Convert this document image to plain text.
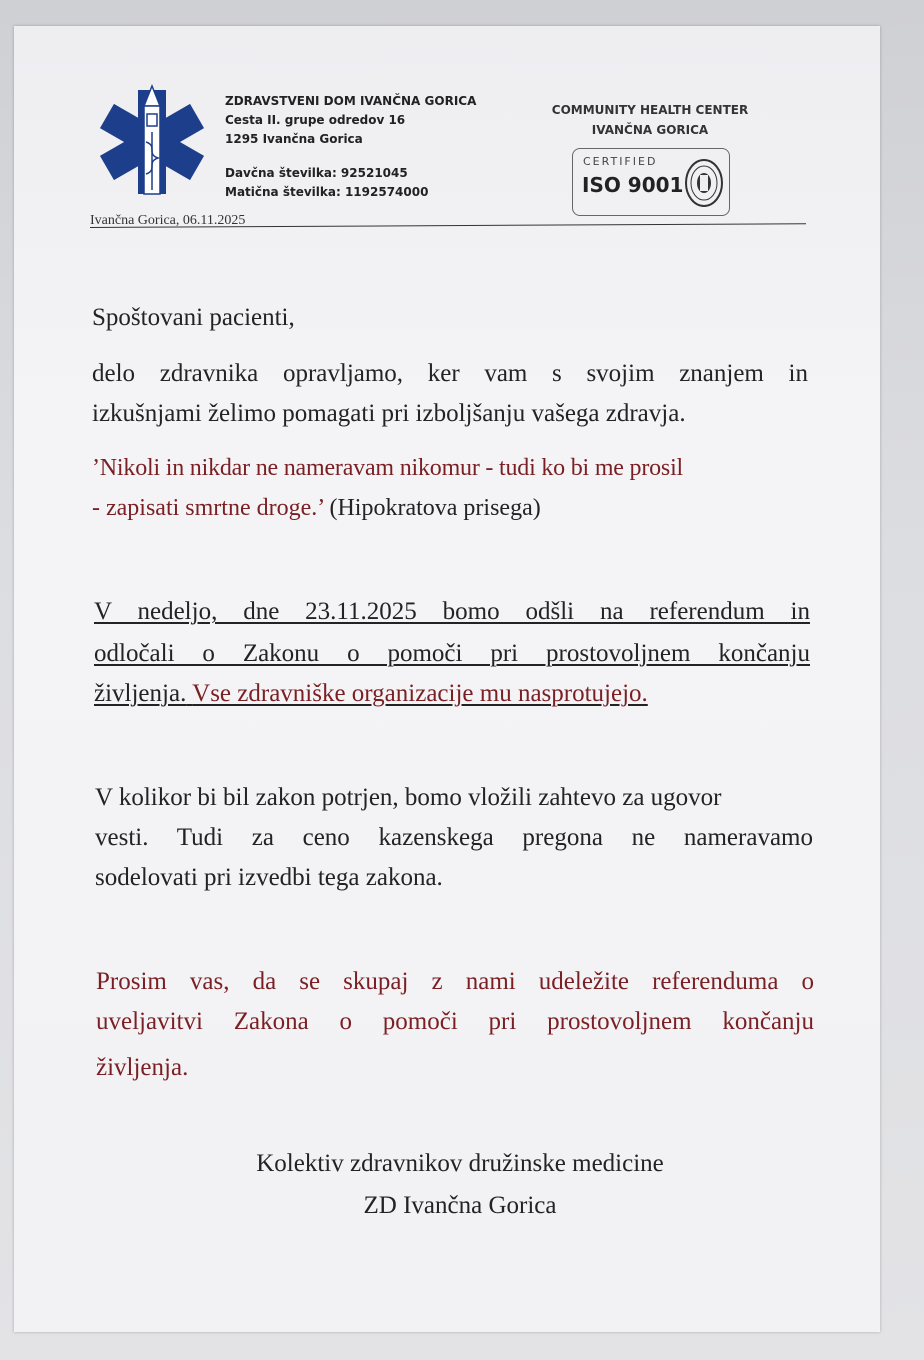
ZDRAVSTVENI DOM IVANČNA GORICA
Cesta II. grupe odredov 16
1295 Ivančna Gorica
Davčna številka: 92521045
Matična številka: 1192574000
COMMUNITY HEALTH CENTER
IVANČNA GORICA
CERTIFIED
ISO 9001
Ivančna Gorica, 06.11.2025
Spoštovani pacienti,
delo zdravnika opravljamo, ker vam s svojim znanjem in
izkušnjami želimo pomagati pri izboljšanju vašega zdravja.
’Nikoli in nikdar ne nameravam nikomur - tudi ko bi me prosil
- zapisati smrtne droge.’ (Hipokratova prisega)
V nedeljo, dne 23.11.2025 bomo odšli na referendum in
odločali o Zakonu o pomoči pri prostovoljnem končanju
življenja. Vse zdravniške organizacije mu nasprotujejo.
V kolikor bi bil zakon potrjen, bomo vložili zahtevo za ugovor
vesti. Tudi za ceno kazenskega pregona ne nameravamo
sodelovati pri izvedbi tega zakona.
Prosim vas, da se skupaj z nami udeležite referenduma o
uveljavitvi Zakona o pomoči pri prostovoljnem končanju
življenja.
Kolektiv zdravnikov družinske medicine
ZD Ivančna Gorica
